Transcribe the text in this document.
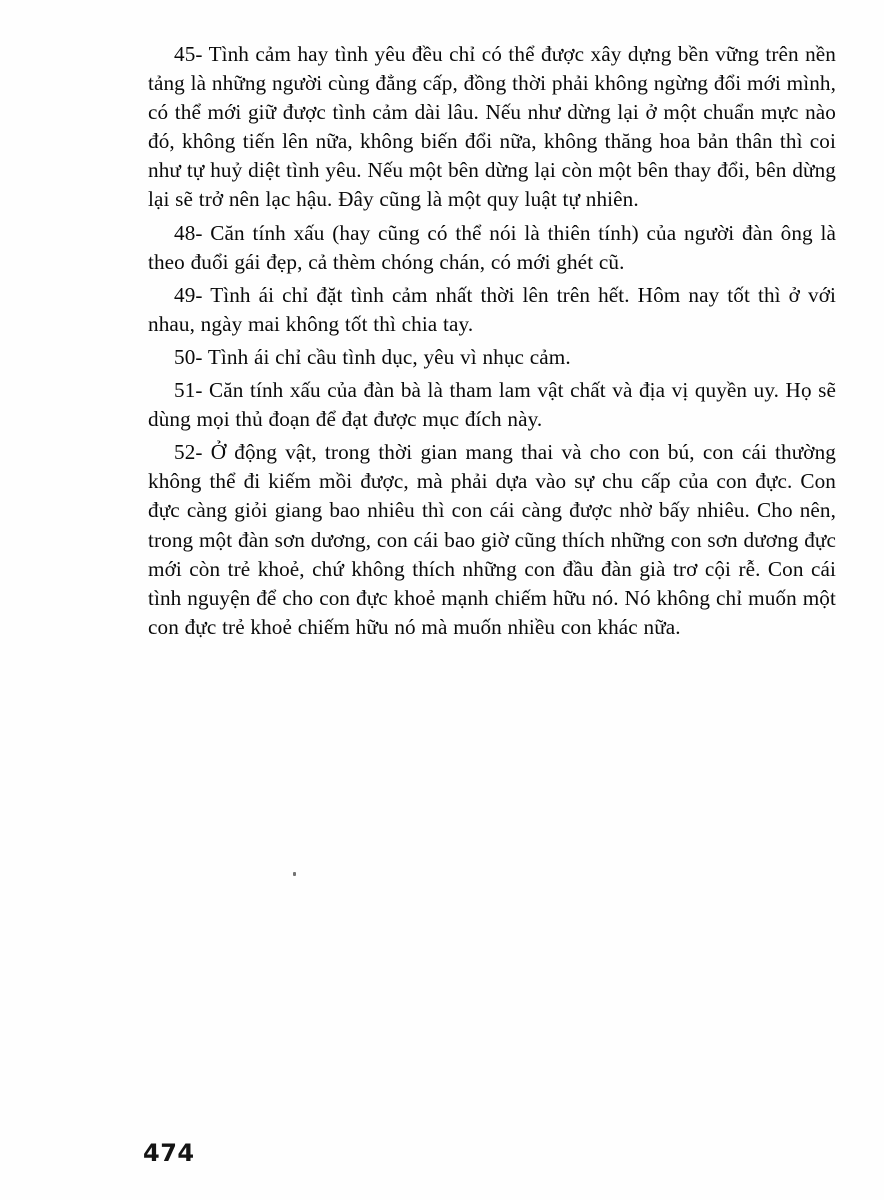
45- Tình cảm hay tình yêu đều chỉ có thể được xây dựng bền vững trên nền tảng là những người cùng đẳng cấp, đồng thời phải không ngừng đổi mới mình, có thể mới giữ được tình cảm dài lâu. Nếu như dừng lại ở một chuẩn mực nào đó, không tiến lên nữa, không biến đổi nữa, không thăng hoa bản thân thì coi như tự huỷ diệt tình yêu. Nếu một bên dừng lại còn một bên thay đổi, bên dừng lại sẽ trở nên lạc hậu. Đây cũng là một quy luật tự nhiên.

48- Căn tính xấu (hay cũng có thể nói là thiên tính) của người đàn ông là theo đuổi gái đẹp, cả thèm chóng chán, có mới ghét cũ.

49- Tình ái chỉ đặt tình cảm nhất thời lên trên hết. Hôm nay tốt thì ở với nhau, ngày mai không tốt thì chia tay.

50- Tình ái chỉ cầu tình dục, yêu vì nhục cảm.

51- Căn tính xấu của đàn bà là tham lam vật chất và địa vị quyền uy. Họ sẽ dùng mọi thủ đoạn để đạt được mục đích này.

52- Ở động vật, trong thời gian mang thai và cho con bú, con cái thường không thể đi kiếm mồi được, mà phải dựa vào sự chu cấp của con đực. Con đực càng giỏi giang bao nhiêu thì con cái càng được nhờ bấy nhiêu. Cho nên, trong một đàn sơn dương, con cái bao giờ cũng thích những con sơn dương đực mới còn trẻ khoẻ, chứ không thích những con đầu đàn già trơ cội rễ. Con cái tình nguyện để cho con đực khoẻ mạnh chiếm hữu nó. Nó không chỉ muốn một con đực trẻ khoẻ chiếm hữu nó mà muốn nhiều con khác nữa.

474
